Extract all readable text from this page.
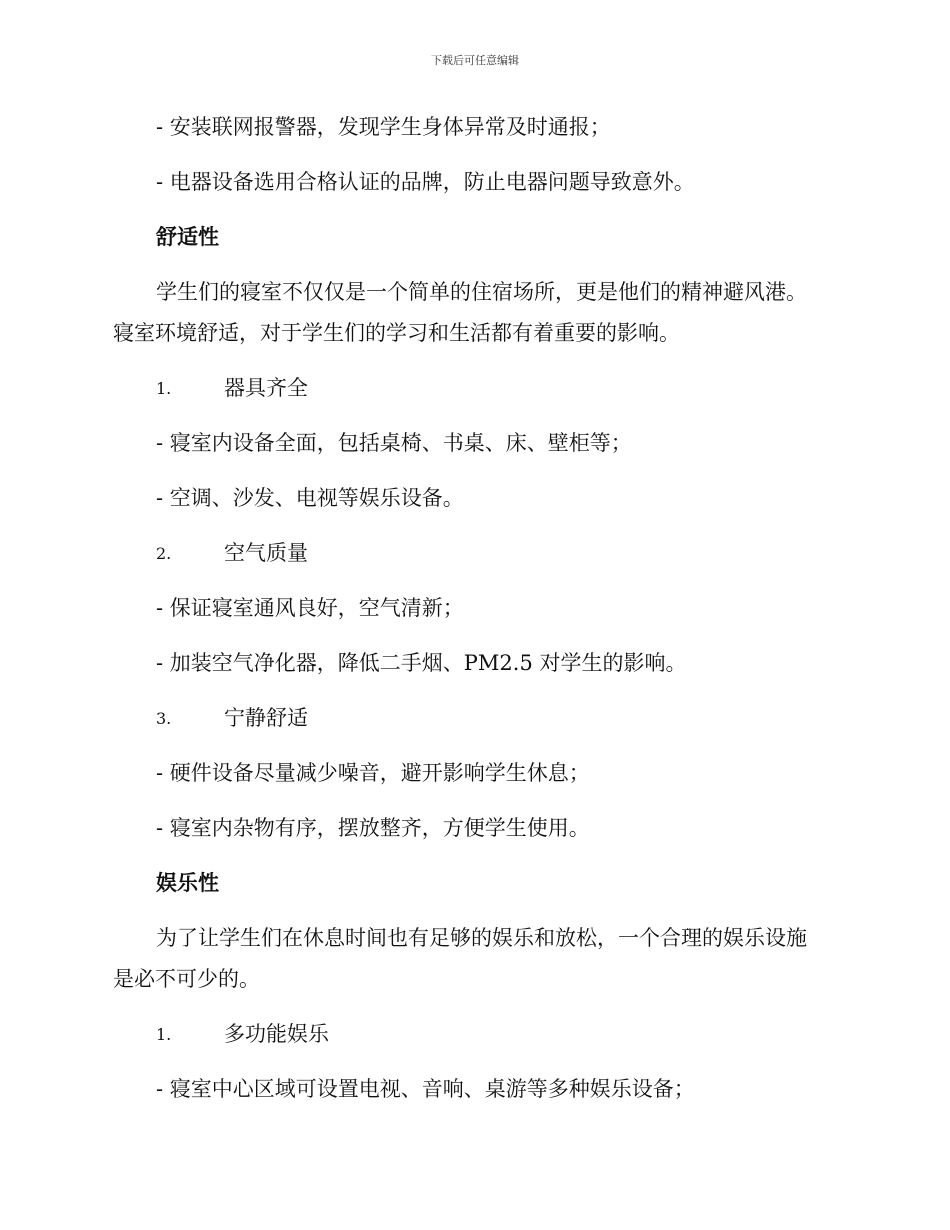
下载后可任意编辑
- 安装联网报警器，发现学生身体异常及时通报；
- 电器设备选用合格认证的品牌，防止电器问题导致意外。
舒适性
学生们的寝室不仅仅是一个简单的住宿场所，更是他们的精神避风港。
寝室环境舒适，对于学生们的学习和生活都有着重要的影响。
1.	器具齐全
- 寝室内设备全面，包括桌椅、书桌、床、壁柜等；
- 空调、沙发、电视等娱乐设备。
2.	空气质量
- 保证寝室通风良好，空气清新；
- 加装空气净化器，降低二手烟、PM2.5 对学生的影响。
3.	宁静舒适
- 硬件设备尽量减少噪音，避开影响学生休息；
- 寝室内杂物有序，摆放整齐，方便学生使用。
娱乐性
为了让学生们在休息时间也有足够的娱乐和放松，一个合理的娱乐设施
是必不可少的。
1.	多功能娱乐
- 寝室中心区域可设置电视、音响、桌游等多种娱乐设备；
